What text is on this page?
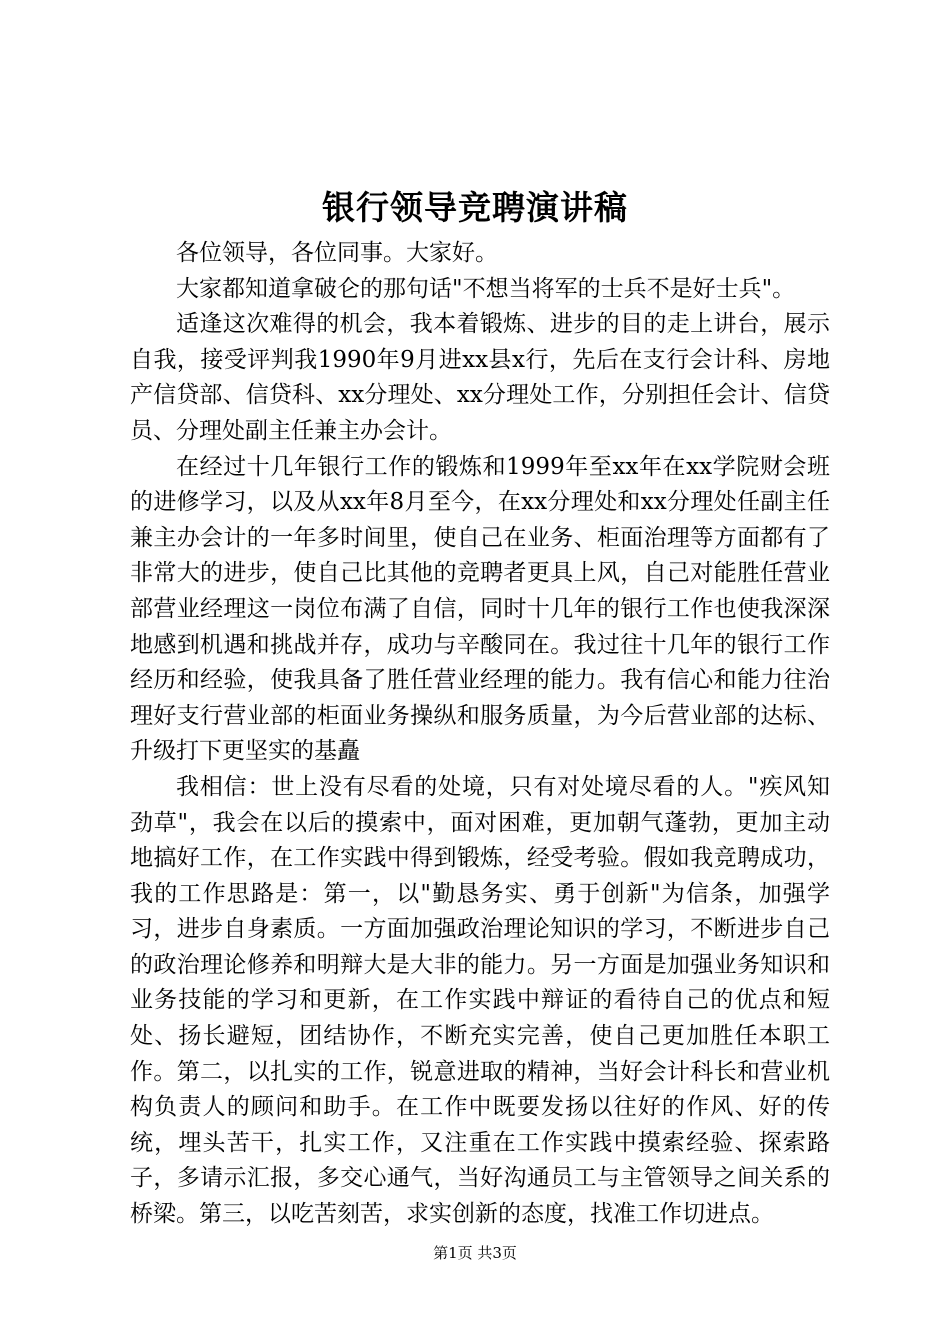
银行领导竞聘演讲稿

各位领导，各位同事。大家好。

大家都知道拿破仑的那句话"不想当将军的士兵不是好士兵"。

适逢这次难得的机会，我本着锻炼、进步的目的走上讲台，展示自我，接受评判我1990年9月进xx县x行，先后在支行会计科、房地产信贷部、信贷科、xx分理处、xx分理处工作，分别担任会计、信贷员、分理处副主任兼主办会计。

在经过十几年银行工作的锻炼和1999年至xx年在xx学院财会班的进修学习，以及从xx年8月至今，在xx分理处和xx分理处任副主任兼主办会计的一年多时间里，使自己在业务、柜面治理等方面都有了非常大的进步，使自己比其他的竞聘者更具上风，自己对能胜任营业部营业经理这一岗位布满了自信，同时十几年的银行工作也使我深深地感到机遇和挑战并存，成功与辛酸同在。我过往十几年的银行工作经历和经验，使我具备了胜任营业经理的能力。我有信心和能力往治理好支行营业部的柜面业务操纵和服务质量，为今后营业部的达标、升级打下更坚实的基矗

我相信：世上没有尽看的处境，只有对处境尽看的人。"疾风知劲草"，我会在以后的摸索中，面对困难，更加朝气蓬勃，更加主动地搞好工作，在工作实践中得到锻炼，经受考验。假如我竞聘成功，我的工作思路是：第一，以"勤恳务实、勇于创新"为信条，加强学习，进步自身素质。一方面加强政治理论知识的学习，不断进步自己的政治理论修养和明辩大是大非的能力。另一方面是加强业务知识和业务技能的学习和更新，在工作实践中辩证的看待自己的优点和短处、扬长避短，团结协作，不断充实完善，使自己更加胜任本职工作。第二，以扎实的工作，锐意进取的精神，当好会计科长和营业机构负责人的顾问和助手。在工作中既要发扬以往好的作风、好的传统，埋头苦干，扎实工作，又注重在工作实践中摸索经验、探索路子，多请示汇报，多交心通气，当好沟通员工与主管领导之间关系的桥梁。第三，以吃苦刻苦，求实创新的态度，找准工作切进点。

第1页 共3页
